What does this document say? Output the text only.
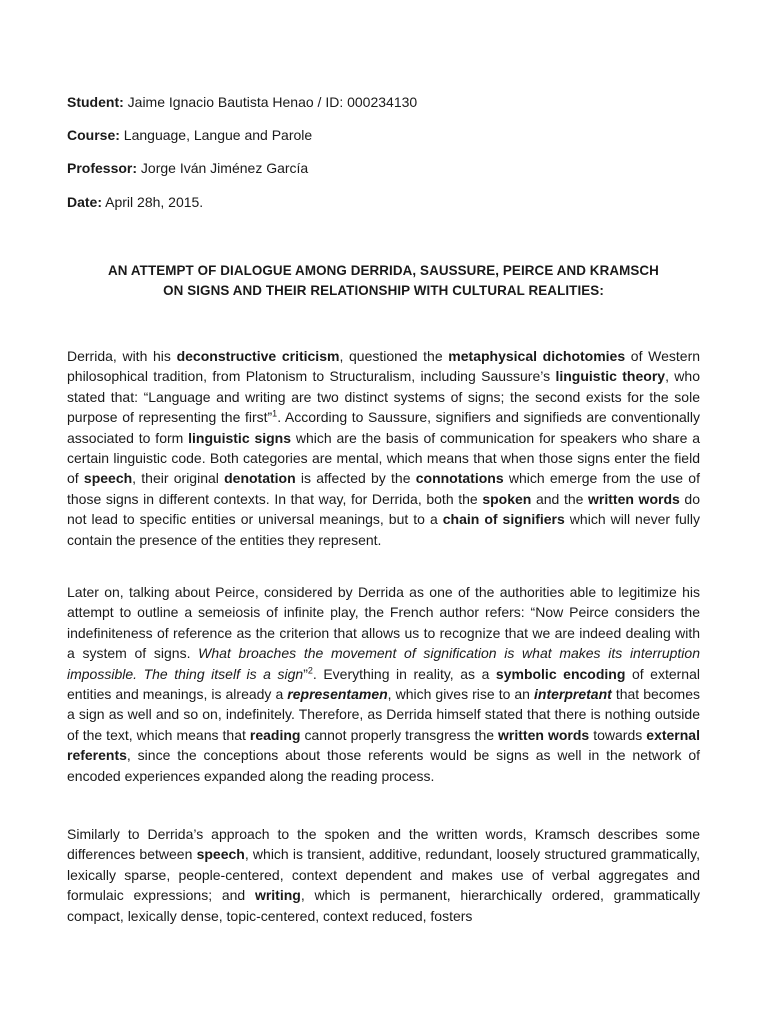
Student: Jaime Ignacio Bautista Henao / ID: 000234130
Course: Language, Langue and Parole
Professor: Jorge Iván Jiménez García
Date: April 28h, 2015.
AN ATTEMPT OF DIALOGUE AMONG DERRIDA, SAUSSURE, PEIRCE AND KRAMSCH
ON SIGNS AND THEIR RELATIONSHIP WITH CULTURAL REALITIES:

Derrida, with his deconstructive criticism, questioned the metaphysical dichotomies of Western philosophical tradition, from Platonism to Structuralism, including Saussure’s linguistic theory, who stated that: “Language and writing are two distinct systems of signs; the second exists for the sole purpose of representing the first”$^1$. According to Saussure, signifiers and signifieds are conventionally associated to form linguistic signs which are the basis of communication for speakers who share a certain linguistic code. Both categories are mental, which means that when those signs enter the field of speech, their original denotation is affected by the connotations which emerge from the use of those signs in different contexts. In that way, for Derrida, both the spoken and the written words do not lead to specific entities or universal meanings, but to a chain of signifiers which will never fully contain the presence of the entities they represent.

Later on, talking about Peirce, considered by Derrida as one of the authorities able to legitimize his attempt to outline a semeiosis of infinite play, the French author refers: “Now Peirce considers the indefiniteness of reference as the criterion that allows us to recognize that we are indeed dealing with a system of signs. What broaches the movement of signification is what makes its interruption impossible. The thing itself is a sign”$^2$. Everything in reality, as a symbolic encoding of external entities and meanings, is already a representamen, which gives rise to an interpretant that becomes a sign as well and so on, indefinitely. Therefore, as Derrida himself stated that there is nothing outside of the text, which means that reading cannot properly transgress the written words towards external referents, since the conceptions about those referents would be signs as well in the network of encoded experiences expanded along the reading process.

Similarly to Derrida’s approach to the spoken and the written words, Kramsch describes some differences between speech, which is transient, additive, redundant, loosely structured grammatically, lexically sparse, people-centered, context dependent and makes use of verbal aggregates and formulaic expressions; and writing, which is permanent, hierarchically ordered, grammatically compact, lexically dense, topic-centered, context reduced, fosters
